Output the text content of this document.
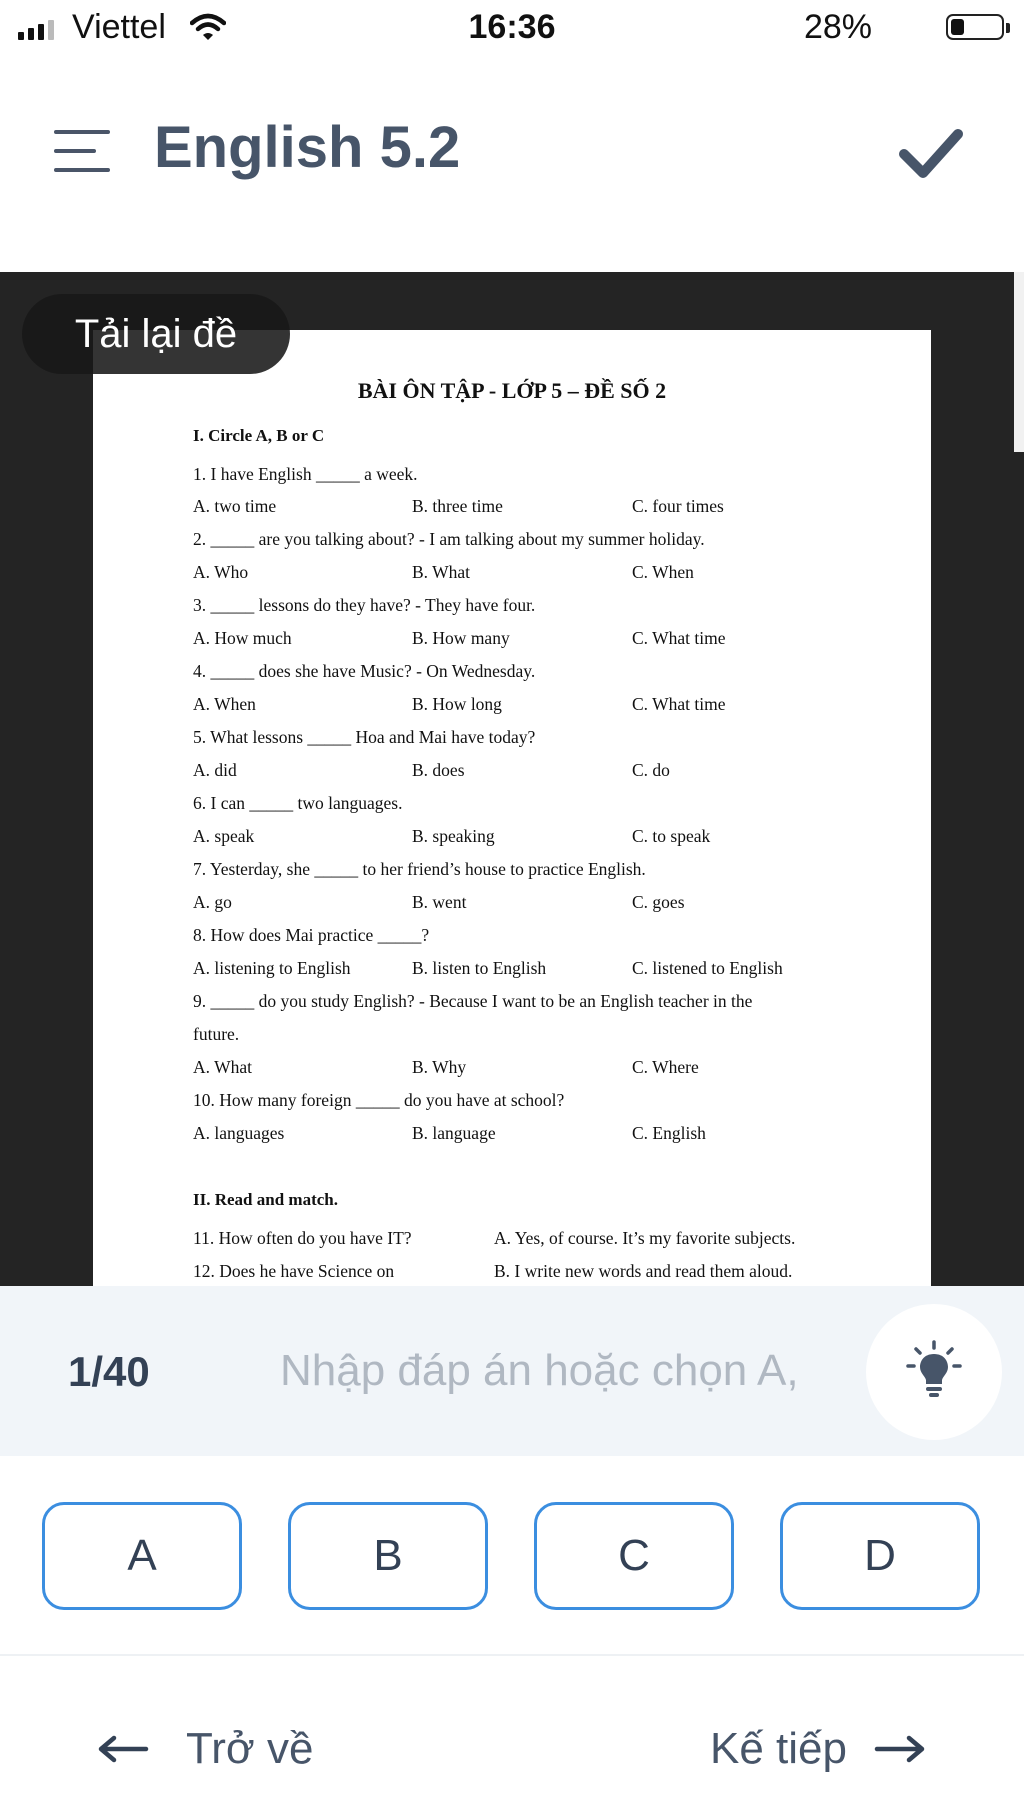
Viettel	16:36	28%
English 5.2
BÀI ÔN TẬP - LỚP 5 – ĐỀ SỐ 2
I. Circle A, B or C
1. I have English _____ a week.
A. two time	B. three time	C. four times
2. _____ are you talking about? - I am talking about my summer holiday.
A. Who	B. What	C. When
3. _____ lessons do they have? - They have four.
A. How much	B. How many	C. What time
4. _____ does she have Music? - On Wednesday.
A. When	B. How long	C. What time
5. What lessons _____ Hoa and Mai have today?
A. did	B. does	C. do
6. I can _____ two languages.
A. speak	B. speaking	C. to speak
7. Yesterday, she _____ to her friend’s house to practice English.
A. go	B. went	C. goes
8. How does Mai practice _____?
A. listening to English	B. listen to English	C. listened to English
9. _____ do you study English? - Because I want to be an English teacher in the
future.
A. What	B. Why	C. Where
10. How many foreign _____ do you have at school?
A. languages	B. language	C. English
II. Read and match.
11. How often do you have IT?	A. Yes, of course. It’s my favorite subjects.
12. Does he have Science on	B. I write new words and read them aloud.
Tải lại đề
1/40
Nhập đáp án hoặc chọn A,
A	B	C	D
Trở về	Kế tiếp
